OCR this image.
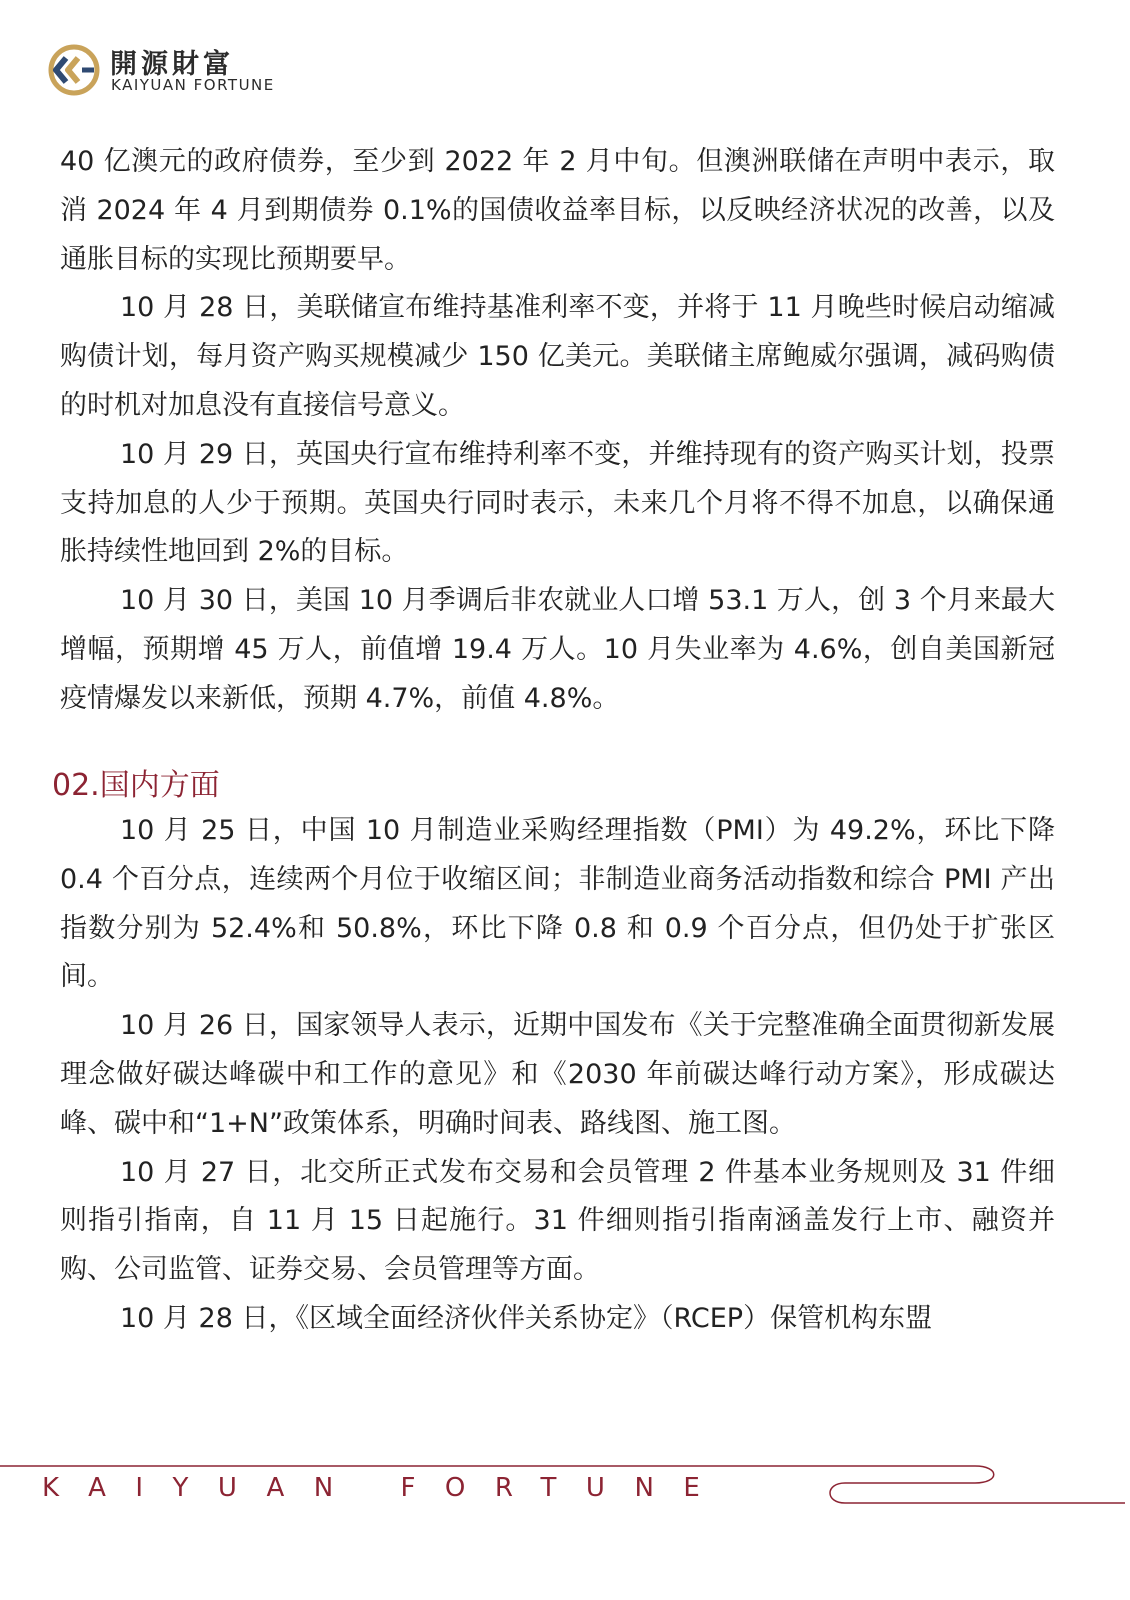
開源財富
KAIYUAN FORTUNE

40 亿澳元的政府债券，至少到 2022 年 2 月中旬。但澳洲联储在声明中表示，取消 2024 年 4 月到期债券 0.1%的国债收益率目标，以反映经济状况的改善，以及通胀目标的实现比预期要早。

10 月 28 日，美联储宣布维持基准利率不变，并将于 11 月晚些时候启动缩减购债计划，每月资产购买规模减少 150 亿美元。美联储主席鲍威尔强调，减码购债的时机对加息没有直接信号意义。

10 月 29 日，英国央行宣布维持利率不变，并维持现有的资产购买计划，投票支持加息的人少于预期。英国央行同时表示，未来几个月将不得不加息，以确保通胀持续性地回到 2%的目标。

10 月 30 日，美国 10 月季调后非农就业人口增 53.1 万人，创 3 个月来最大增幅，预期增 45 万人，前值增 19.4 万人。10 月失业率为 4.6%，创自美国新冠疫情爆发以来新低，预期 4.7%，前值 4.8%。

02.国内方面

10 月 25 日，中国 10 月制造业采购经理指数（PMI）为 49.2%，环比下降 0.4 个百分点，连续两个月位于收缩区间；非制造业商务活动指数和综合 PMI 产出指数分别为 52.4%和 50.8%，环比下降 0.8 和 0.9 个百分点，但仍处于扩张区间。

10 月 26 日，国家领导人表示，近期中国发布《关于完整准确全面贯彻新发展理念做好碳达峰碳中和工作的意见》和《2030 年前碳达峰行动方案》，形成碳达峰、碳中和“1+N”政策体系，明确时间表、路线图、施工图。

10 月 27 日，北交所正式发布交易和会员管理 2 件基本业务规则及 31 件细则指引指南，自 11 月 15 日起施行。31 件细则指引指南涵盖发行上市、融资并购、公司监管、证券交易、会员管理等方面。

10 月 28 日，《区域全面经济伙伴关系协定》（RCEP）保管机构东盟

KAIYUAN FORTUNE
